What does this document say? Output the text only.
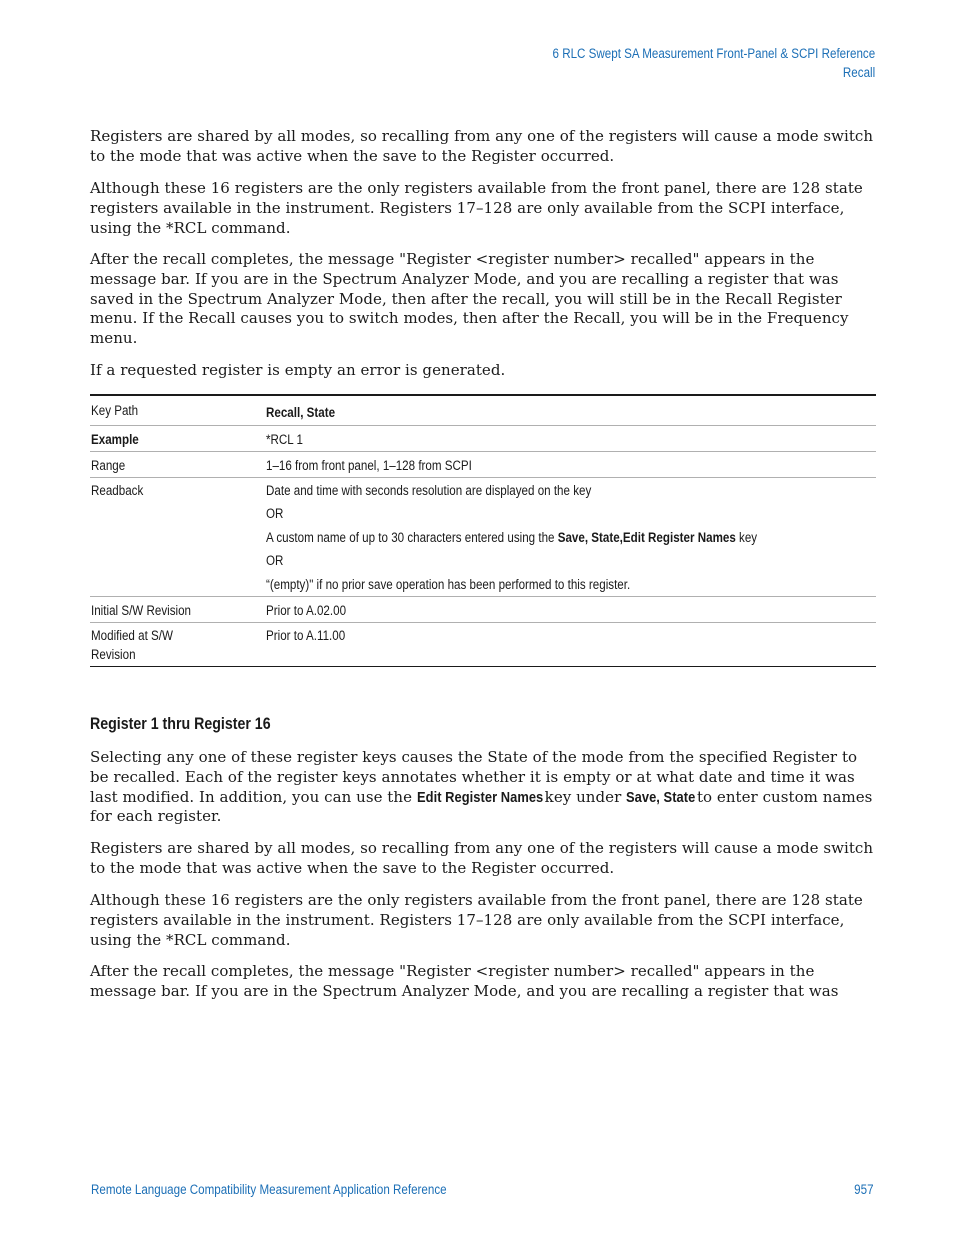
6 RLC Swept SA Measurement Front-Panel & SCPI Reference
Recall

Registers are shared by all modes, so recalling from any one of the registers will cause a mode switch to the mode that was active when the save to the Register occurred.

Although these 16 registers are the only registers available from the front panel, there are 128 state registers available in the instrument. Registers 17–128 are only available from the SCPI interface, using the *RCL command.

After the recall completes, the message "Register <register number> recalled" appears in the message bar. If you are in the Spectrum Analyzer Mode, and you are recalling a register that was saved in the Spectrum Analyzer Mode, then after the recall, you will still be in the Recall Register menu. If the Recall causes you to switch modes, then after the Recall, you will be in the Frequency menu.

If a requested register is empty an error is generated.

Key Path	Recall, State

Example	*RCL 1

Range	1–16 from front panel, 1–128 from SCPI

Readback	Date and time with seconds resolution are displayed on the key
OR
A custom name of up to 30 characters entered using the Save, State,Edit Register Names key
OR
“(empty)" if no prior save operation has been performed to this register.

Initial S/W Revision	Prior to A.02.00

Modified at S/W
Revision	Prior to A.11.00
Register 1 thru Register 16

Selecting any one of these register keys causes the State of the mode from the specified Register to be recalled. Each of the register keys annotates whether it is empty or at what date and time it was last modified. In addition, you can use the Edit Register Names key under Save, State to enter custom names for each register.

Registers are shared by all modes, so recalling from any one of the registers will cause a mode switch to the mode that was active when the save to the Register occurred.

Although these 16 registers are the only registers available from the front panel, there are 128 state registers available in the instrument. Registers 17–128 are only available from the SCPI interface, using the *RCL command.

After the recall completes, the message "Register <register number> recalled" appears in the message bar. If you are in the Spectrum Analyzer Mode, and you are recalling a register that was

Remote Language Compatibility Measurement Application Reference	957
